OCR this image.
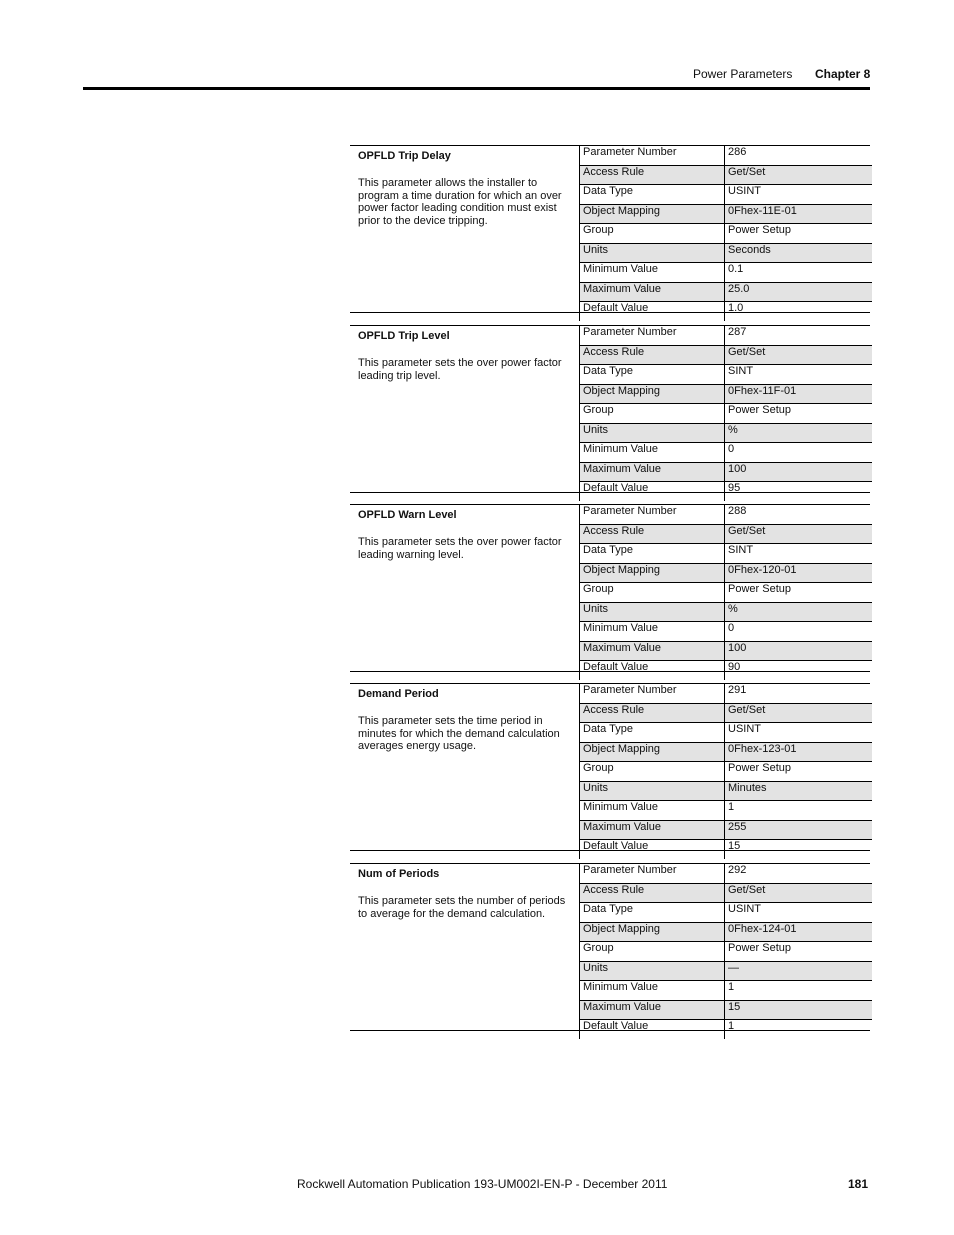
Power Parameters Chapter 8
OPFLD Trip Delay
This parameter allows the installer to program a time duration for which an over power factor leading condition must exist prior to the device tripping.
Parameter Number	286
Access Rule	Get/Set
Data Type	USINT
Object Mapping	0Fhex-11E-01
Group	Power Setup
Units	Seconds
Minimum Value	0.1
Maximum Value	25.0
Default Value	1.0
OPFLD Trip Level
This parameter sets the over power factor leading trip level.
Parameter Number	287
Access Rule	Get/Set
Data Type	SINT
Object Mapping	0Fhex-11F-01
Group	Power Setup
Units	%
Minimum Value	0
Maximum Value	100
Default Value	95
OPFLD Warn Level
This parameter sets the over power factor leading warning level.
Parameter Number	288
Access Rule	Get/Set
Data Type	SINT
Object Mapping	0Fhex-120-01
Group	Power Setup
Units	%
Minimum Value	0
Maximum Value	100
Default Value	90
Demand Period
This parameter sets the time period in minutes for which the demand calculation averages energy usage.
Parameter Number	291
Access Rule	Get/Set
Data Type	USINT
Object Mapping	0Fhex-123-01
Group	Power Setup
Units	Minutes
Minimum Value	1
Maximum Value	255
Default Value	15
Num of Periods
This parameter sets the number of periods to average for the demand calculation.
Parameter Number	292
Access Rule	Get/Set
Data Type	USINT
Object Mapping	0Fhex-124-01
Group	Power Setup
Units	—
Minimum Value	1
Maximum Value	15
Default Value	1
Rockwell Automation Publication 193-UM002I-EN-P - December 2011	181
